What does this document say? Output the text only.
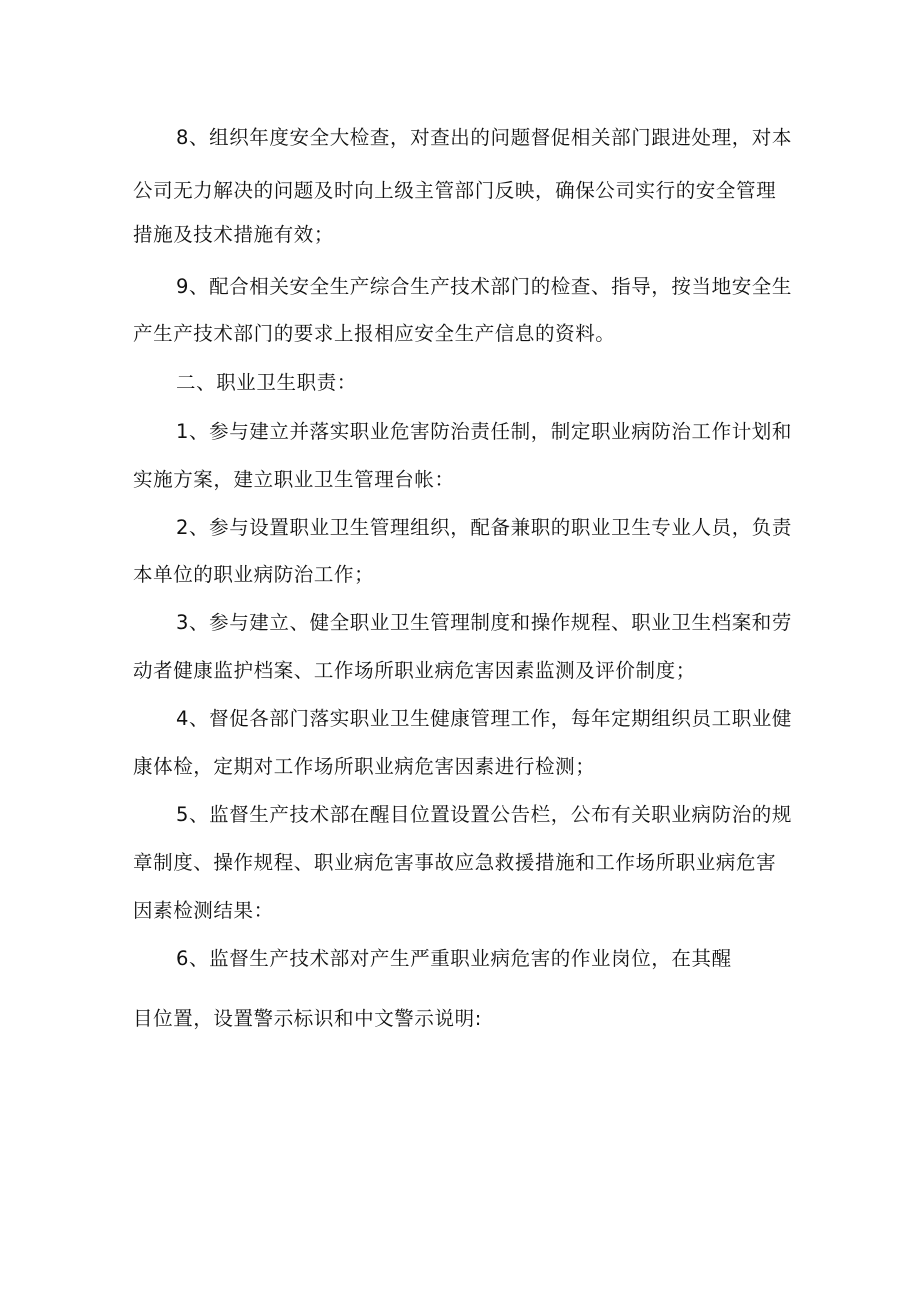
8、组织年度安全大检查，对查出的问题督促相关部门跟进处理，对本
公司无力解决的问题及时向上级主管部门反映，确保公司实行的安全管理
措施及技术措施有效；
9、配合相关安全生产综合生产技术部门的检查、指导，按当地安全生
产生产技术部门的要求上报相应安全生产信息的资料。
二、职业卫生职责：
1、参与建立并落实职业危害防治责任制，制定职业病防治工作计划和
实施方案，建立职业卫生管理台帐：
2、参与设置职业卫生管理组织，配备兼职的职业卫生专业人员，负责
本单位的职业病防治工作；
3、参与建立、健全职业卫生管理制度和操作规程、职业卫生档案和劳
动者健康监护档案、工作场所职业病危害因素监测及评价制度；
4、督促各部门落实职业卫生健康管理工作，每年定期组织员工职业健
康体检，定期对工作场所职业病危害因素进行检测；
5、监督生产技术部在醒目位置设置公告栏，公布有关职业病防治的规
章制度、操作规程、职业病危害事故应急救援措施和工作场所职业病危害
因素检测结果：
6、监督生产技术部对产生严重职业病危害的作业岗位，在其醒
目位置，设置警示标识和中文警示说明:
